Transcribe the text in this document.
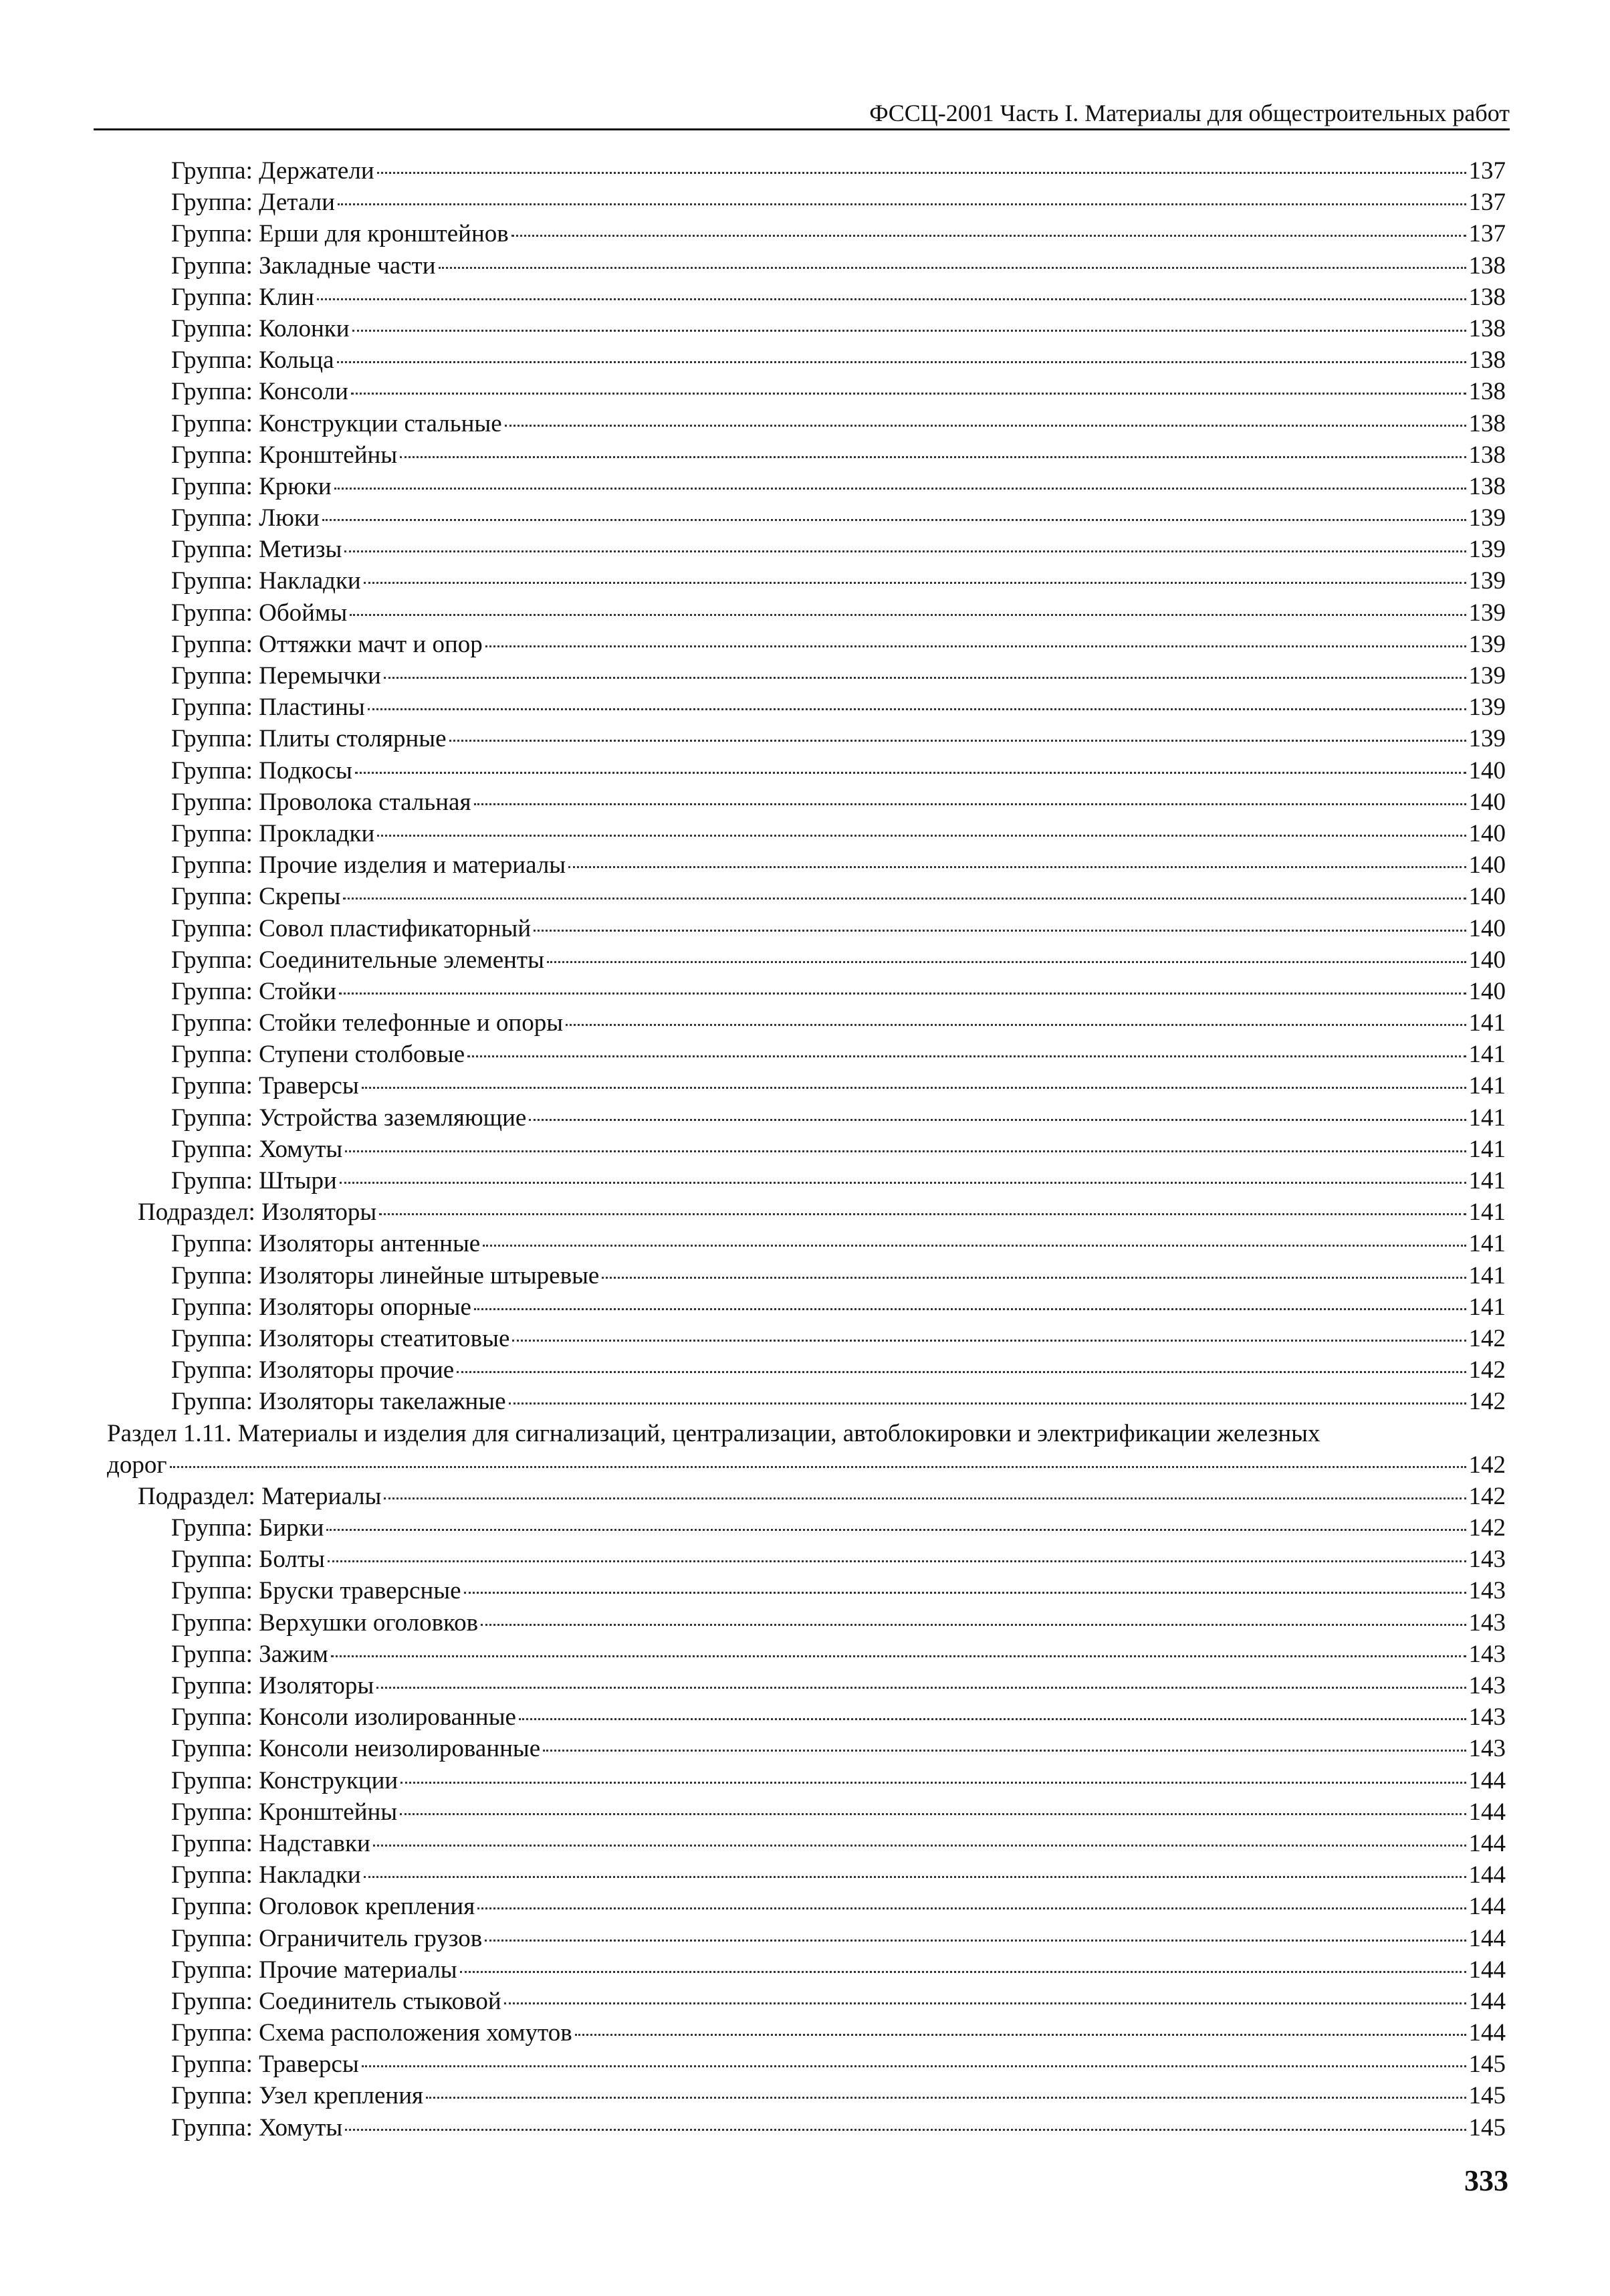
ФССЦ-2001 Часть I. Материалы для общестроительных работ
Группа: Держатели	137
Группа: Детали	137
Группа: Ерши для кронштейнов	137
Группа: Закладные части	138
Группа: Клин	138
Группа: Колонки	138
Группа: Кольца	138
Группа: Консоли	138
Группа: Конструкции стальные	138
Группа: Кронштейны	138
Группа: Крюки	138
Группа: Люки	139
Группа: Метизы	139
Группа: Накладки	139
Группа: Обоймы	139
Группа: Оттяжки мачт и опор	139
Группа: Перемычки	139
Группа: Пластины	139
Группа: Плиты столярные	139
Группа: Подкосы	140
Группа: Проволока стальная	140
Группа: Прокладки	140
Группа: Прочие изделия и материалы	140
Группа: Скрепы	140
Группа: Совол пластификаторный	140
Группа: Соединительные элементы	140
Группа: Стойки	140
Группа: Стойки телефонные и опоры	141
Группа: Ступени столбовые	141
Группа: Траверсы	141
Группа: Устройства заземляющие	141
Группа: Хомуты	141
Группа: Штыри	141
Подраздел: Изоляторы	141
Группа: Изоляторы антенные	141
Группа: Изоляторы линейные штыревые	141
Группа: Изоляторы опорные	141
Группа: Изоляторы стеатитовые	142
Группа: Изоляторы прочие	142
Группа: Изоляторы такелажные	142
Раздел 1.11. Материалы и изделия для сигнализаций, централизации, автоблокировки и электрификации железных
дорог	142
Подраздел: Материалы	142
Группа: Бирки	142
Группа: Болты	143
Группа: Бруски траверсные	143
Группа: Верхушки оголовков	143
Группа: Зажим	143
Группа: Изоляторы	143
Группа: Консоли изолированные	143
Группа: Консоли неизолированные	143
Группа: Конструкции	144
Группа: Кронштейны	144
Группа: Надставки	144
Группа: Накладки	144
Группа: Оголовок крепления	144
Группа: Ограничитель грузов	144
Группа: Прочие материалы	144
Группа: Соединитель стыковой	144
Группа: Схема расположения хомутов	144
Группа: Траверсы	145
Группа: Узел крепления	145
Группа: Хомуты	145
333
